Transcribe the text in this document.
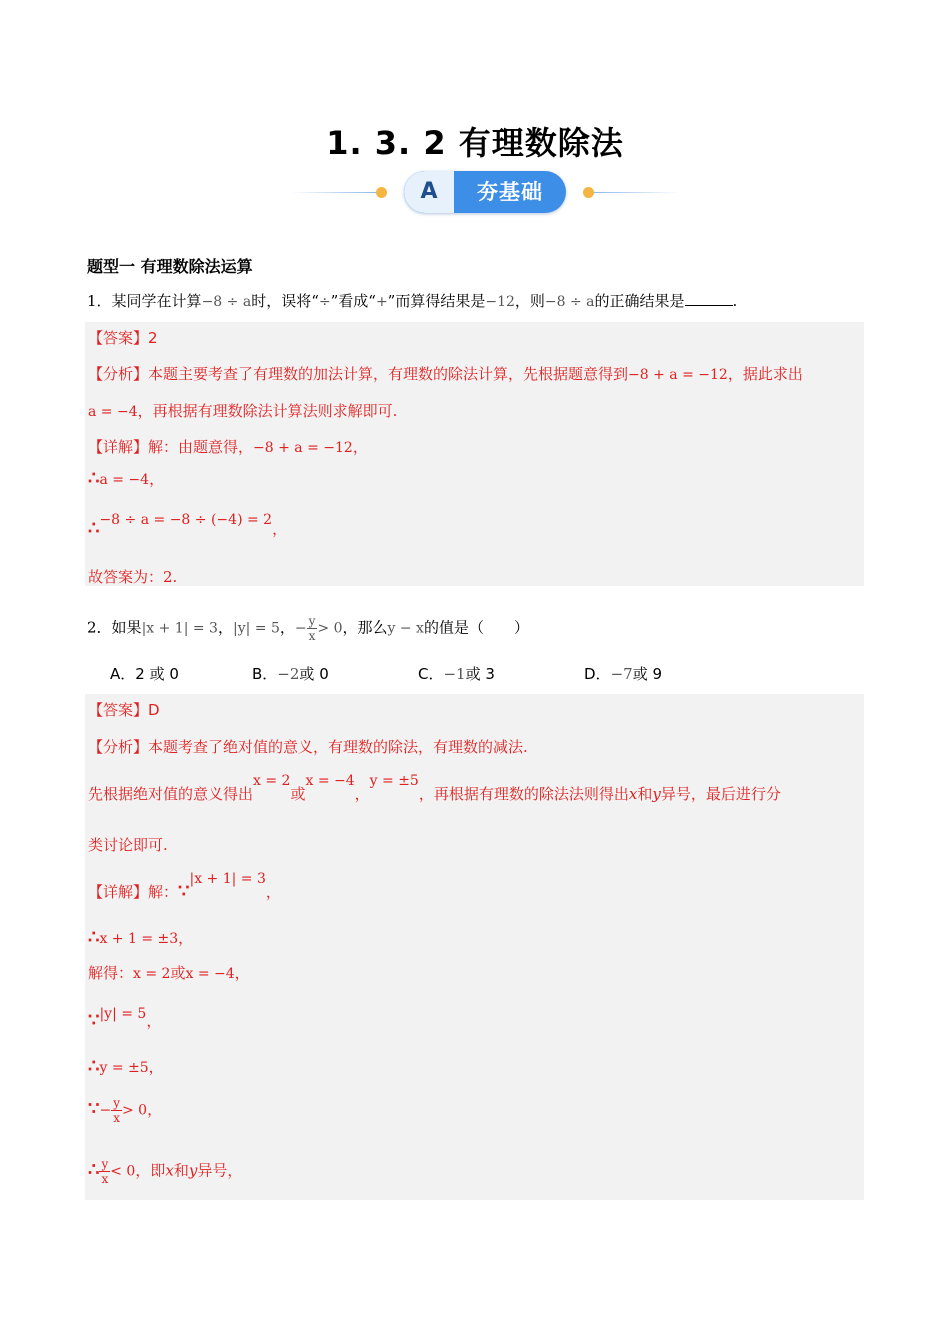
1. 3. 2 有理数除法
A	夯基础
题型一 有理数除法运算
1．某同学在计算−8 ÷ a时，误将“÷”看成“+”而算得结果是−12，则−8 ÷ a的正确结果是	.
【答案】2
【分析】本题主要考查了有理数的加法计算，有理数的除法计算，先根据题意得到−8 + a = −12，据此求出
a = −4，再根据有理数除法计算法则求解即可.
【详解】解：由题意得，−8 + a = −12，
∴a = −4，
∴−8 ÷ a = −8 ÷ (−4) = 2，
故答案为：2.
2．如果|x + 1| = 3，|y| = 5，− $\frac{y}{x} > 0$，那么y − x的值是（　　）
A．2 或 0	B．−2或 0	C．−1或 3	D．−7或 9
【答案】D
【分析】本题考查了绝对值的意义，有理数的除法，有理数的减法.
先根据绝对值的意义得出x = 2或x = −4，y = ±5，再根据有理数的除法法则得出x和y异号，最后进行分
类讨论即可.
【详解】解：∵|x + 1| = 3，
∴x + 1 = ±3，
解得：x = 2或x = −4，
∵|y| = 5，
∴y = ±5，
∵− $\frac{y}{x} > 0$，
∴ $\frac{y}{x} < 0$，即x和y异号，
